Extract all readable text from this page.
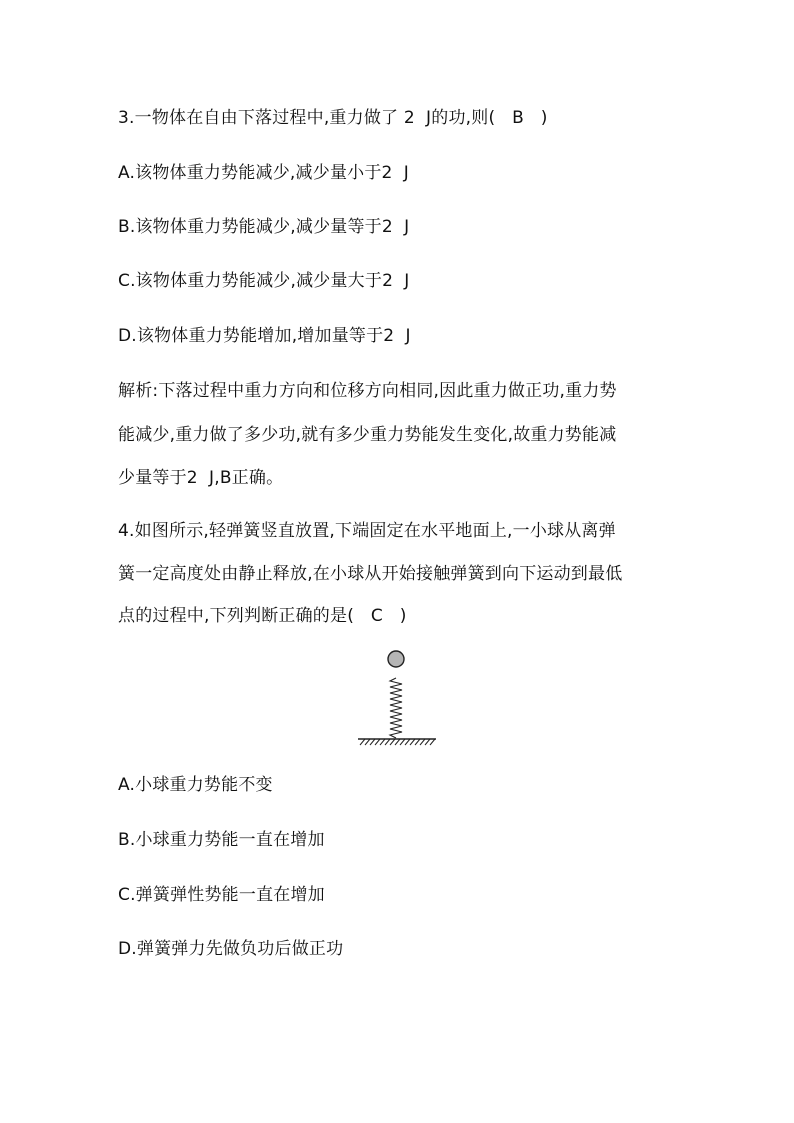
3.一物体在自由下落过程中,重力做了 2  J的功,则(   B   )
A.该物体重力势能减少,减少量小于2  J
B.该物体重力势能减少,减少量等于2  J
C.该物体重力势能减少,减少量大于2  J
D.该物体重力势能增加,增加量等于2  J
解析:下落过程中重力方向和位移方向相同,因此重力做正功,重力势
能减少,重力做了多少功,就有多少重力势能发生变化,故重力势能减
少量等于2  J,B正确。
4.如图所示,轻弹簧竖直放置,下端固定在水平地面上,一小球从离弹
簧一定高度处由静止释放,在小球从开始接触弹簧到向下运动到最低
点的过程中,下列判断正确的是(   C   )
A.小球重力势能不变
B.小球重力势能一直在增加
C.弹簧弹性势能一直在增加
D.弹簧弹力先做负功后做正功
